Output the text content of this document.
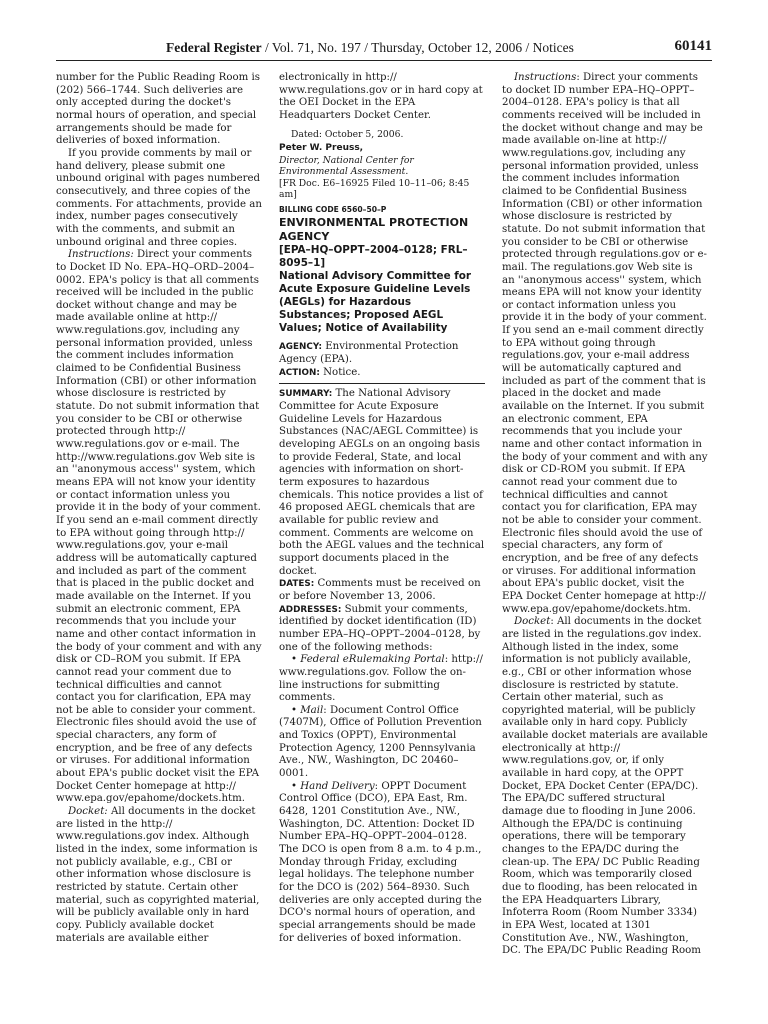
Federal Register / Vol. 71, No. 197 / Thursday, October 12, 2006 / Notices	60141

number for the Public Reading Room is (202) 566–1744. Such deliveries are only accepted during the docket's normal hours of operation, and special arrangements should be made for deliveries of boxed information.

If you provide comments by mail or hand delivery, please submit one unbound original with pages numbered consecutively, and three copies of the comments. For attachments, provide an index, number pages consecutively with the comments, and submit an unbound original and three copies.

Instructions: Direct your comments to Docket ID No. EPA–HQ–ORD–2004–0002. EPA's policy is that all comments received will be included in the public docket without change and may be made available online at http:// www.regulations.gov, including any personal information provided, unless the comment includes information claimed to be Confidential Business Information (CBI) or other information whose disclosure is restricted by statute. Do not submit information that you consider to be CBI or otherwise protected through http:// www.regulations.gov or e-mail. The http://www.regulations.gov Web site is an ''anonymous access'' system, which means EPA will not know your identity or contact information unless you provide it in the body of your comment. If you send an e-mail comment directly to EPA without going through http:// www.regulations.gov, your e-mail address will be automatically captured and included as part of the comment that is placed in the public docket and made available on the Internet. If you submit an electronic comment, EPA recommends that you include your name and other contact information in the body of your comment and with any disk or CD–ROM you submit. If EPA cannot read your comment due to technical difficulties and cannot contact you for clarification, EPA may not be able to consider your comment. Electronic files should avoid the use of special characters, any form of encryption, and be free of any defects or viruses. For additional information about EPA's public docket visit the EPA Docket Center homepage at http:// www.epa.gov/epahome/dockets.htm.

Docket: All documents in the docket are listed in the http:// www.regulations.gov index. Although listed in the index, some information is not publicly available, e.g., CBI or other information whose disclosure is restricted by statute. Certain other material, such as copyrighted material, will be publicly available only in hard copy. Publicly available docket materials are available either

electronically in http:// www.regulations.gov or in hard copy at the OEI Docket in the EPA Headquarters Docket Center.

Dated: October 5, 2006.

Peter W. Preuss,

Director, National Center for Environmental Assessment.

[FR Doc. E6–16925 Filed 10–11–06; 8:45 am]

BILLING CODE 6560–50–P

ENVIRONMENTAL PROTECTION AGENCY

[EPA–HQ–OPPT–2004–0128; FRL–8095–1]

National Advisory Committee for Acute Exposure Guideline Levels (AEGLs) for Hazardous Substances; Proposed AEGL Values; Notice of Availability

AGENCY: Environmental Protection Agency (EPA).

ACTION: Notice.

SUMMARY: The National Advisory Committee for Acute Exposure Guideline Levels for Hazardous Substances (NAC/AEGL Committee) is developing AEGLs on an ongoing basis to provide Federal, State, and local agencies with information on short-term exposures to hazardous chemicals. This notice provides a list of 46 proposed AEGL chemicals that are available for public review and comment. Comments are welcome on both the AEGL values and the technical support documents placed in the docket.

DATES: Comments must be received on or before November 13, 2006.

ADDRESSES: Submit your comments, identified by docket identification (ID) number EPA–HQ–OPPT–2004–0128, by one of the following methods:

• Federal eRulemaking Portal: http:// www.regulations.gov. Follow the on-line instructions for submitting comments.

• Mail: Document Control Office (7407M), Office of Pollution Prevention and Toxics (OPPT), Environmental Protection Agency, 1200 Pennsylvania Ave., NW., Washington, DC 20460–0001.

• Hand Delivery: OPPT Document Control Office (DCO), EPA East, Rm. 6428, 1201 Constitution Ave., NW., Washington, DC. Attention: Docket ID Number EPA–HQ–OPPT–2004–0128. The DCO is open from 8 a.m. to 4 p.m., Monday through Friday, excluding legal holidays. The telephone number for the DCO is (202) 564–8930. Such deliveries are only accepted during the DCO's normal hours of operation, and special arrangements should be made for deliveries of boxed information.

Instructions: Direct your comments to docket ID number EPA–HQ–OPPT–2004–0128. EPA's policy is that all comments received will be included in the docket without change and may be made available on-line at http:// www.regulations.gov, including any personal information provided, unless the comment includes information claimed to be Confidential Business Information (CBI) or other information whose disclosure is restricted by statute. Do not submit information that you consider to be CBI or otherwise protected through regulations.gov or e-mail. The regulations.gov Web site is an ''anonymous access'' system, which means EPA will not know your identity or contact information unless you provide it in the body of your comment. If you send an e-mail comment directly to EPA without going through regulations.gov, your e-mail address will be automatically captured and included as part of the comment that is placed in the docket and made available on the Internet. If you submit an electronic comment, EPA recommends that you include your name and other contact information in the body of your comment and with any disk or CD-ROM you submit. If EPA cannot read your comment due to technical difficulties and cannot contact you for clarification, EPA may not be able to consider your comment. Electronic files should avoid the use of special characters, any form of encryption, and be free of any defects or viruses. For additional information about EPA's public docket, visit the EPA Docket Center homepage at http:// www.epa.gov/epahome/dockets.htm.

Docket: All documents in the docket are listed in the regulations.gov index. Although listed in the index, some information is not publicly available, e.g., CBI or other information whose disclosure is restricted by statute. Certain other material, such as copyrighted material, will be publicly available only in hard copy. Publicly available docket materials are available electronically at http:// www.regulations.gov, or, if only available in hard copy, at the OPPT Docket, EPA Docket Center (EPA/DC). The EPA/DC suffered structural damage due to flooding in June 2006. Although the EPA/DC is continuing operations, there will be temporary changes to the EPA/DC during the clean-up. The EPA/ DC Public Reading Room, which was temporarily closed due to flooding, has been relocated in the EPA Headquarters Library, Infoterra Room (Room Number 3334) in EPA West, located at 1301 Constitution Ave., NW., Washington, DC. The EPA/DC Public Reading Room
